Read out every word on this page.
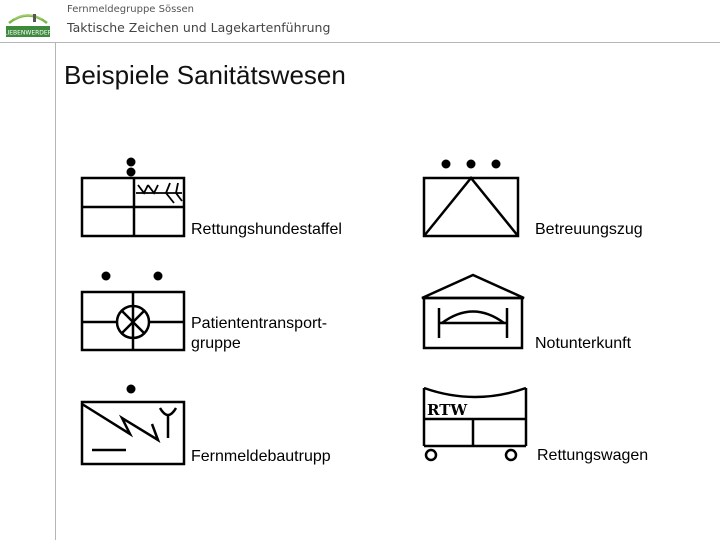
LIEBENWERDER
Fernmeldegruppe Sössen
Taktische Zeichen und Lagekartenführung
Beispiele Sanitätswesen
Rettungshundestaffel	Betreuungszug
Patiententransport-
gruppe	Notunterkunft
Fernmeldebautrupp
RTW
Rettungswagen
